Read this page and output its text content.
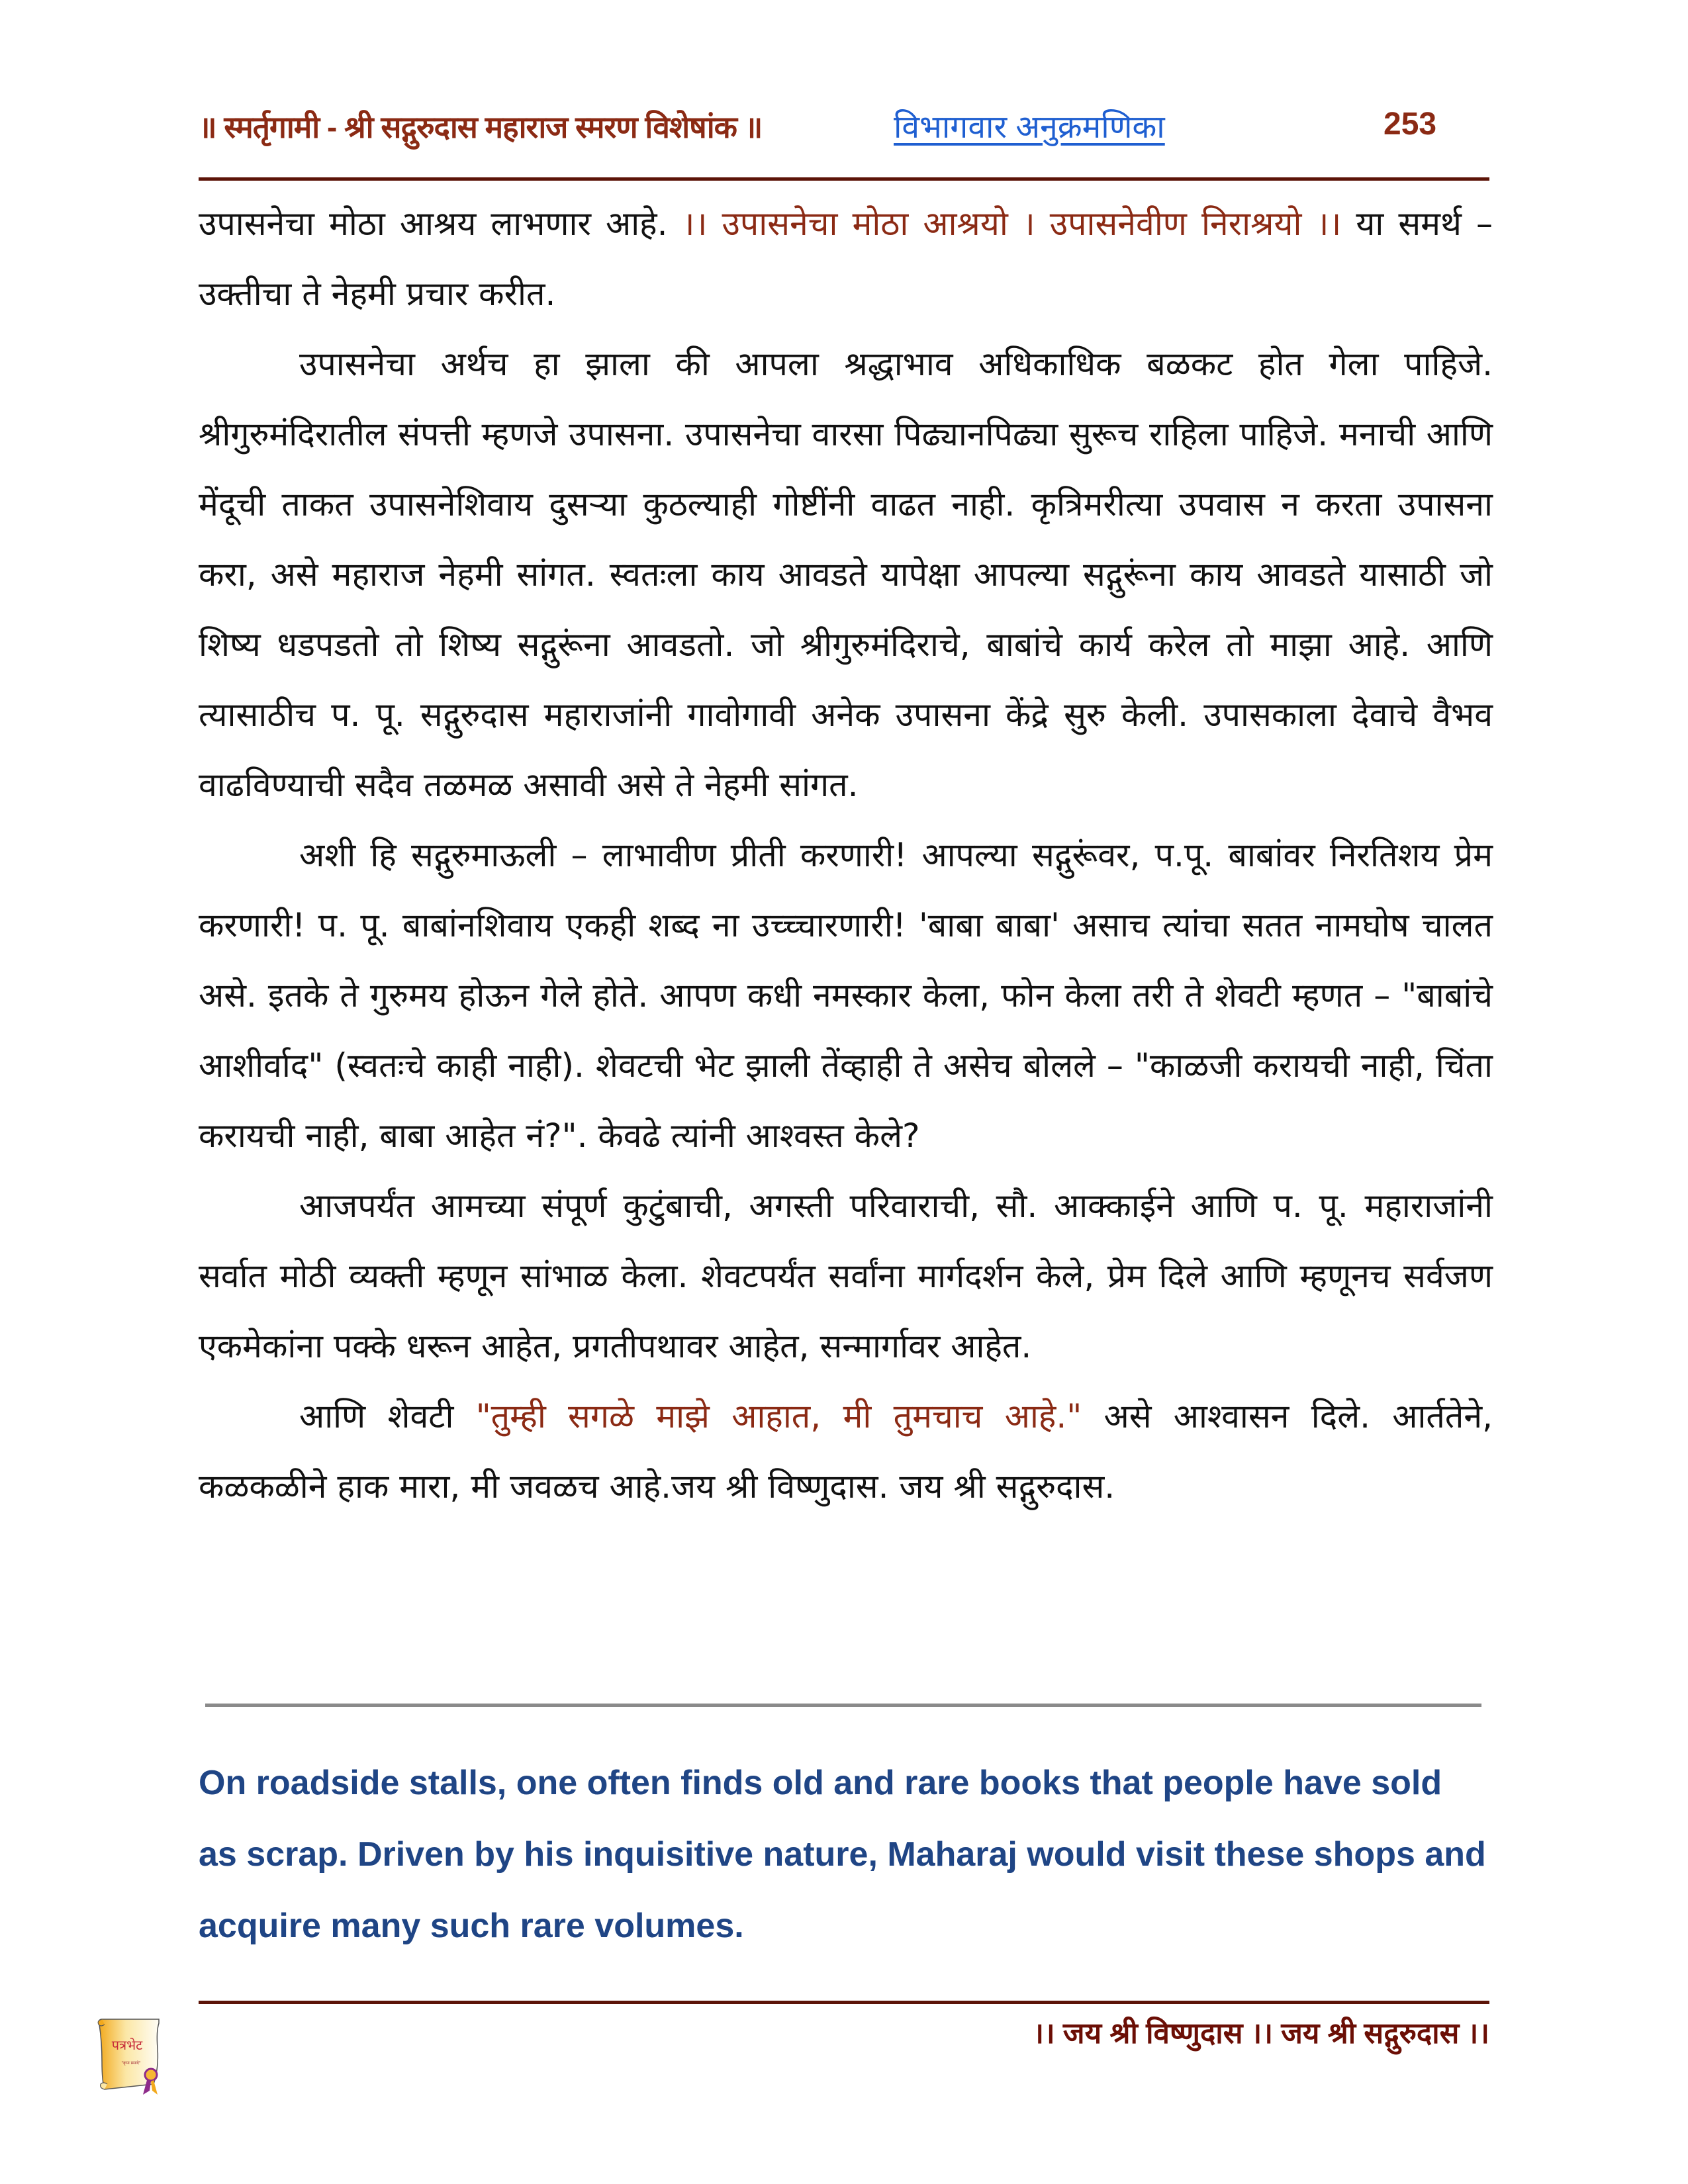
॥ स्मर्तृगामी - श्री सद्गुरुदास महाराज स्मरण विशेषांक ॥	विभागवार अनुक्रमणिका	253

उपासनेचा मोठा आश्रय लाभणार आहे. ।। उपासनेचा मोठा आश्रयो । उपासनेवीण निराश्रयो ।। या समर्थ – उक्तीचा ते नेहमी प्रचार करीत.

उपासनेचा अर्थच हा झाला की आपला श्रद्धाभाव अधिकाधिक बळकट होत गेला पाहिजे. श्रीगुरुमंदिरातील संपत्ती म्हणजे उपासना. उपासनेचा वारसा पिढ्यानपिढ्या सुरूच राहिला पाहिजे. मनाची आणि मेंदूची ताकत उपासनेशिवाय दुसऱ्या कुठल्याही गोष्टींनी वाढत नाही. कृत्रिमरीत्या उपवास न करता उपासना करा, असे महाराज नेहमी सांगत. स्वतःला काय आवडते यापेक्षा आपल्या सद्गुरूंना काय आवडते यासाठी जो शिष्य धडपडतो तो शिष्य सद्गुरूंना आवडतो. जो श्रीगुरुमंदिराचे, बाबांचे कार्य करेल तो माझा आहे. आणि त्यासाठीच प. पू. सद्गुरुदास महाराजांनी गावोगावी अनेक उपासना केंद्रे सुरु केली. उपासकाला देवाचे वैभव वाढविण्याची सदैव तळमळ असावी असे ते नेहमी सांगत.

अशी हि सद्गुरुमाऊली – लाभावीण प्रीती करणारी! आपल्या सद्गुरूंवर, प.पू. बाबांवर निरतिशय प्रेम करणारी! प. पू. बाबांनशिवाय एकही शब्द ना उच्च्चारणारी! 'बाबा बाबा' असाच त्यांचा सतत नामघोष चालत असे. इतके ते गुरुमय होऊन गेले होते. आपण कधी नमस्कार केला, फोन केला तरी ते शेवटी म्हणत – "बाबांचे आशीर्वाद" (स्वतःचे काही नाही). शेवटची भेट झाली तेंव्हाही ते असेच बोलले – "काळजी करायची नाही, चिंता करायची नाही, बाबा आहेत नं?". केवढे त्यांनी आश्वस्त केले?

आजपर्यंत आमच्या संपूर्ण कुटुंबाची, अगस्ती परिवाराची, सौ. आक्काईने आणि प. पू. महाराजांनी सर्वात मोठी व्यक्ती म्हणून सांभाळ केला. शेवटपर्यंत सर्वांना मार्गदर्शन केले, प्रेम दिले आणि म्हणूनच सर्वजण एकमेकांना पक्के धरून आहेत, प्रगतीपथावर आहेत, सन्मार्गावर आहेत.

आणि शेवटी "तुम्ही सगळे माझे आहात, मी तुमचाच आहे." असे आश्वासन दिले. आर्ततेने, कळकळीने हाक मारा, मी जवळच आहे.जय श्री विष्णुदास. जय श्री सद्गुरुदास.

On roadside stalls, one often finds old and rare books that people have sold as scrap. Driven by his inquisitive nature, Maharaj would visit these shops and acquire many such rare volumes.

पत्रभेट
"कृपा प्रसादे"
।। जय श्री विष्णुदास ।। जय श्री सद्गुरुदास ।।
